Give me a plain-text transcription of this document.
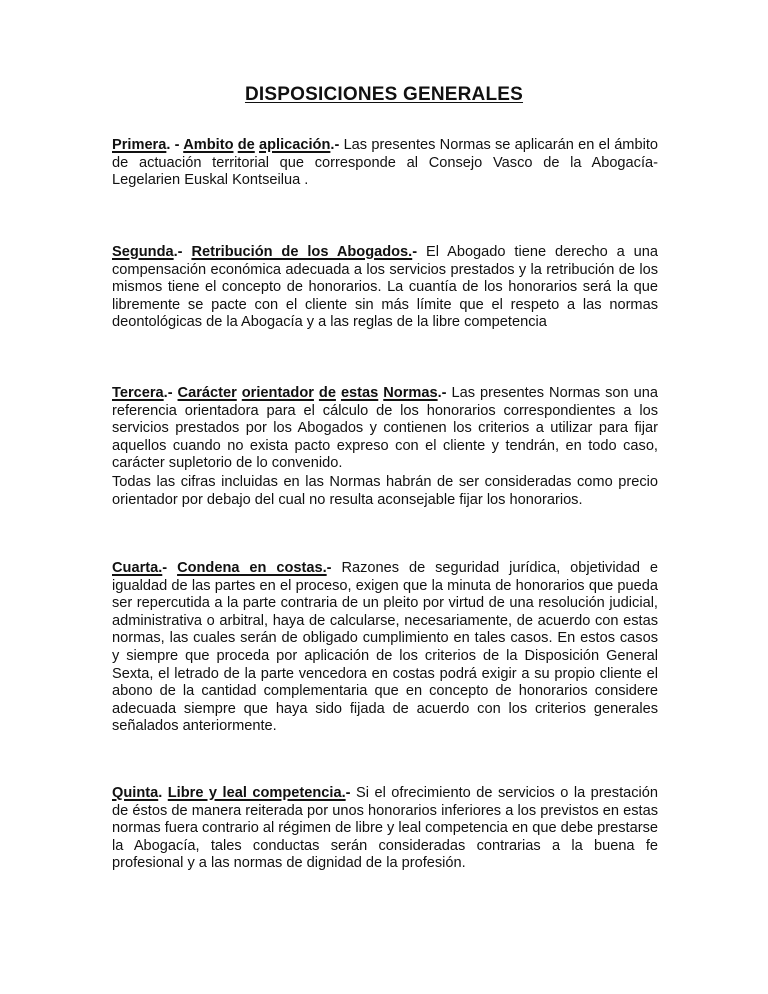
DISPOSICIONES GENERALES

Primera. - Ambito de aplicación.- Las presentes Normas se aplicarán en el ámbito de actuación territorial que corresponde al Consejo Vasco de la Abogacía-Legelarien Euskal Kontseilua .

Segunda.- Retribución de los Abogados.- El Abogado tiene derecho a una compensación económica adecuada a los servicios prestados y la retribución de los mismos tiene el concepto de honorarios. La cuantía de los honorarios será la que libremente se pacte con el cliente sin más límite que el respeto a las normas deontológicas de la Abogacía y a las reglas de la libre competencia

Tercera.- Carácter orientador de estas Normas.- Las presentes Normas son una referencia orientadora para el cálculo de los honorarios correspondientes a los servicios prestados por los Abogados y contienen los criterios a utilizar para fijar aquellos cuando no exista pacto expreso con el cliente y tendrán, en todo caso, carácter supletorio de lo convenido.

Todas las cifras incluidas en las Normas habrán de ser consideradas como precio orientador por debajo del cual no resulta aconsejable fijar los honorarios.

Cuarta.- Condena en costas.- Razones de seguridad jurídica, objetividad e igualdad de las partes en el proceso, exigen que la minuta de honorarios que pueda ser repercutida a la parte contraria de un pleito por virtud de una resolución judicial, administrativa o arbitral, haya de calcularse, necesariamente, de acuerdo con estas normas, las cuales serán de obligado cumplimiento en tales casos. En estos casos y siempre que proceda por aplicación de los criterios de la Disposición General Sexta, el letrado de la parte vencedora en costas podrá exigir a su propio cliente el abono de la cantidad complementaria que en concepto de honorarios considere adecuada siempre que haya sido fijada de acuerdo con los criterios generales señalados anteriormente.

Quinta. Libre y leal competencia.- Si el ofrecimiento de servicios o la prestación de éstos de manera reiterada por unos honorarios inferiores a los previstos en estas normas fuera contrario al régimen de libre y leal competencia en que debe prestarse la Abogacía, tales conductas serán consideradas contrarias a la buena fe profesional y a las normas de dignidad de la profesión.
